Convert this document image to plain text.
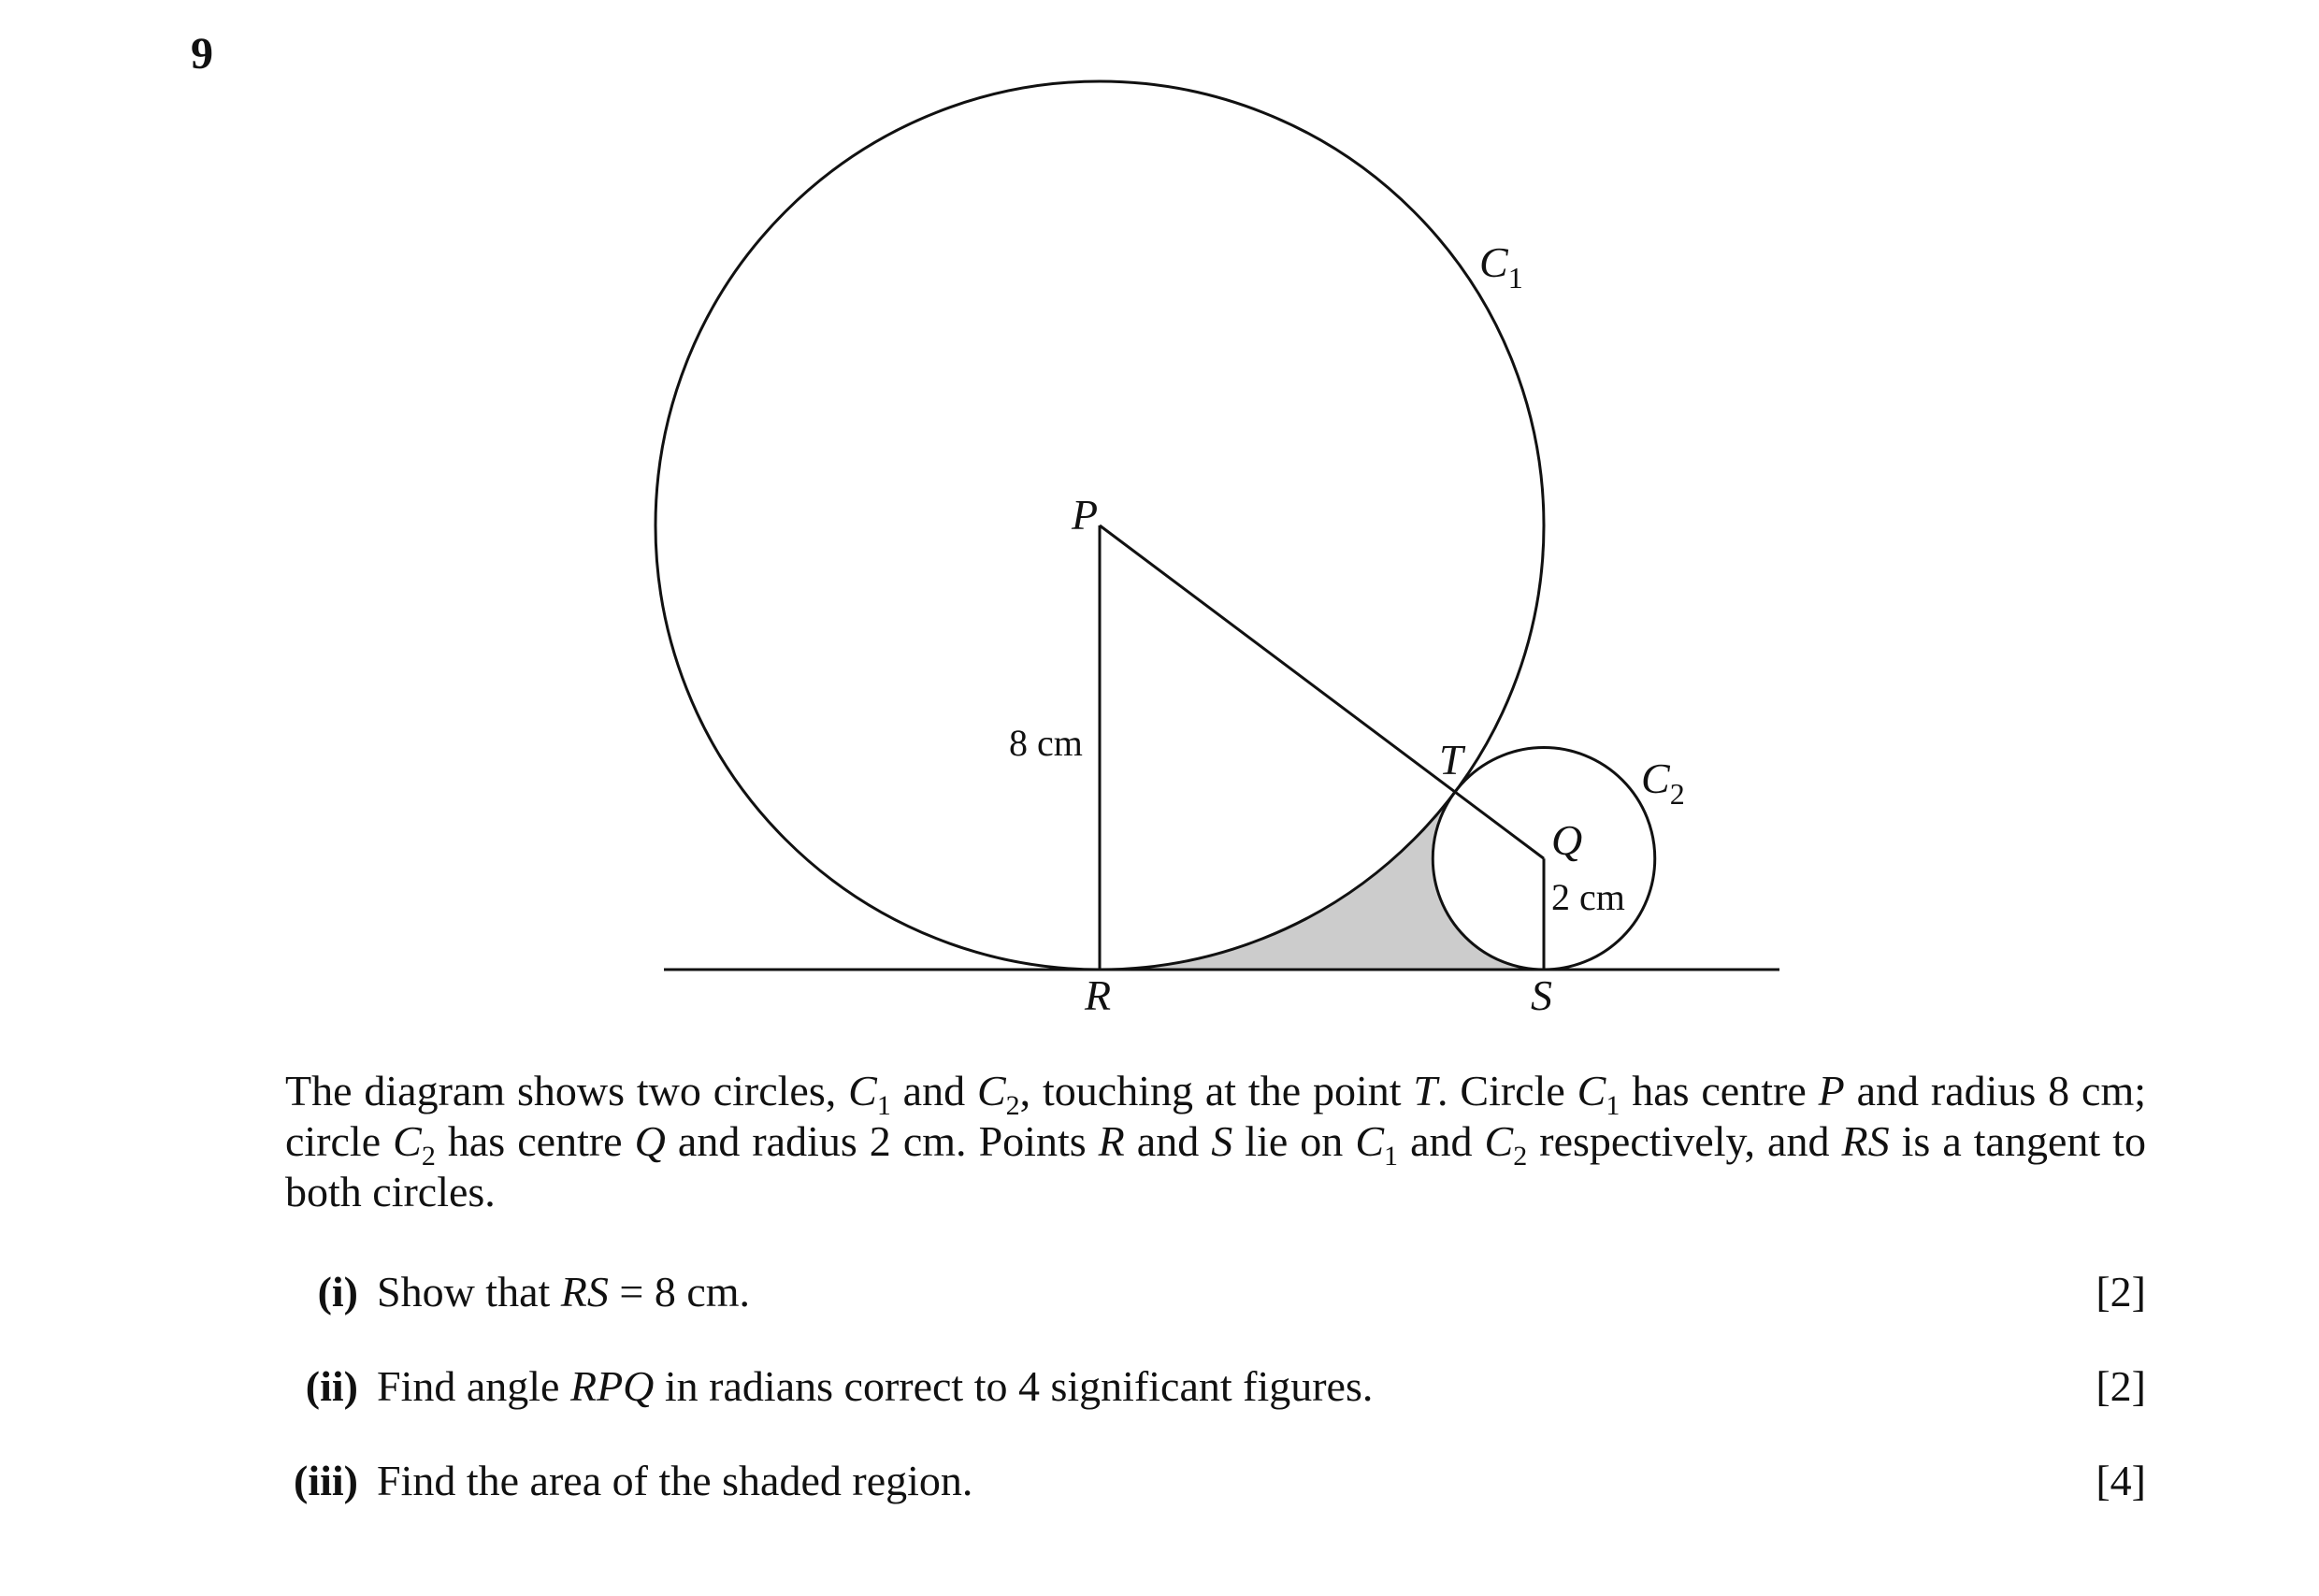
9
P
Q
R	S
T
C1
C2
8 cm
2 cm
The diagram shows two circles, $C_1$ and $C_2$, touching at the point T. Circle $C_1$ has centre P and radius 8 cm; circle $C_2$ has centre Q and radius 2 cm. Points R and S lie on $C_1$ and $C_2$ respectively, and RS is a tangent to both circles.
(i) Show that RS = 8 cm.	[2]
(ii) Find angle RPQ in radians correct to 4 significant figures.	[2]
(iii) Find the area of the shaded region.	[4]
